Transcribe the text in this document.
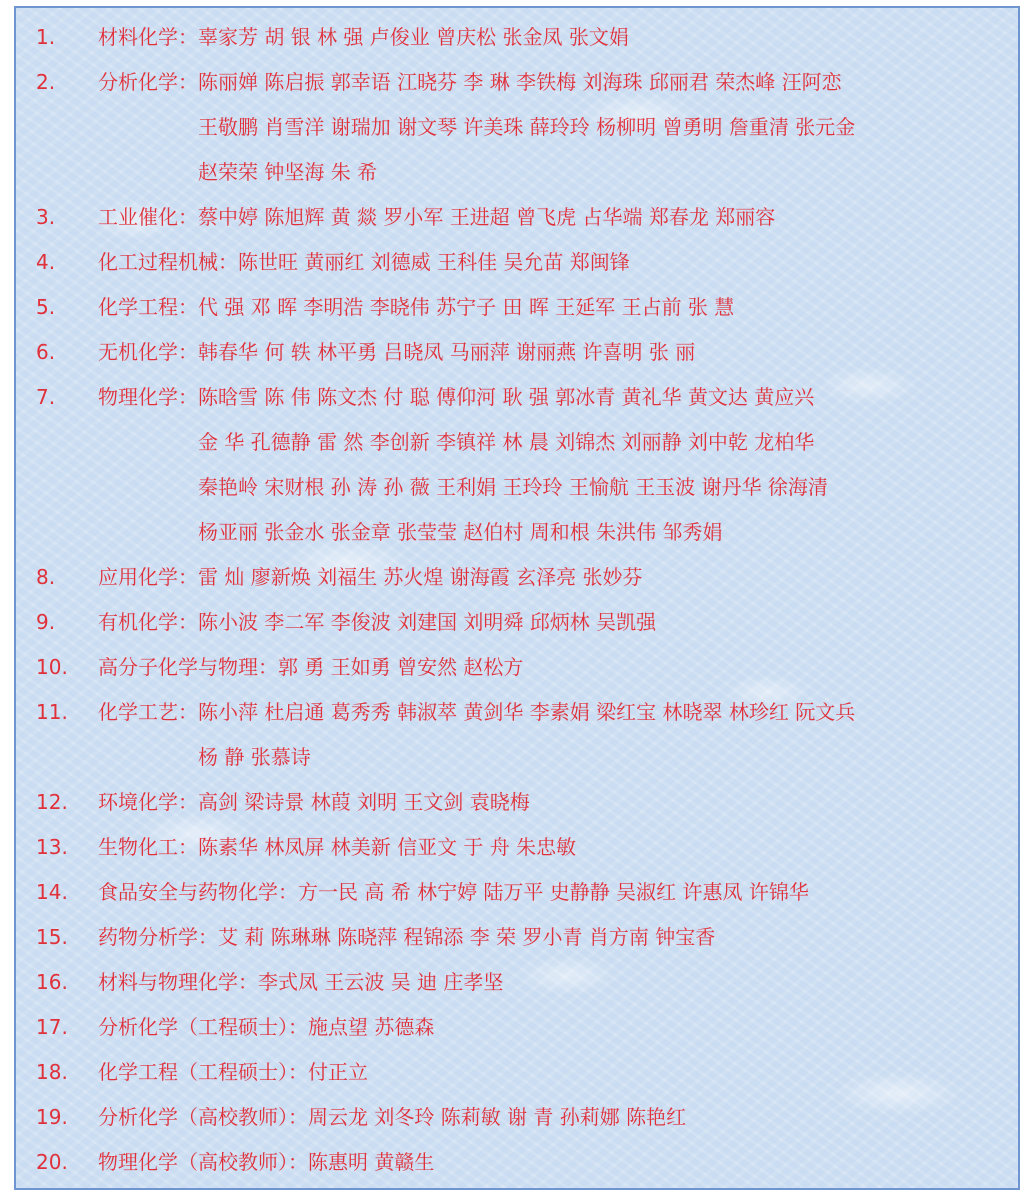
1.	材料化学： 辜家芳 胡 银 林 强 卢俊业 曾庆松 张金凤 张文娟
2.	分析化学： 陈丽婵 陈启振 郭幸语 江晓芬 李 琳 李铁梅 刘海珠 邱丽君 荣杰峰 汪阿恋
王敬鹏 肖雪洋 谢瑞加 谢文琴 许美珠 薛玲玲 杨柳明 曾勇明 詹重清 张元金
赵荣荣 钟坚海 朱 希
3.	工业催化： 蔡中婷 陈旭辉 黄 燚 罗小军 王进超 曾飞虎 占华端 郑春龙 郑丽容
4.	化工过程机械： 陈世旺 黄丽红 刘德威 王科佳 吴允苗 郑闽锋
5.	化学工程： 代 强 邓 晖 李明浩 李晓伟 苏宁子 田 晖 王延军 王占前 张 慧
6.	无机化学： 韩春华 何 轶 林平勇 吕晓凤 马丽萍 谢丽燕 许喜明 张 丽
7.	物理化学： 陈晗雪 陈 伟 陈文杰 付 聪 傅仰河 耿 强 郭冰青 黄礼华 黄文达 黄应兴
金 华 孔德静 雷 然 李创新 李镇祥 林 晨 刘锦杰 刘丽静 刘中乾 龙柏华
秦艳岭 宋财根 孙 涛 孙 薇 王利娟 王玲玲 王愉航 王玉波 谢丹华 徐海清
杨亚丽 张金水 张金章 张莹莹 赵伯村 周和根 朱洪伟 邹秀娟
8.	应用化学： 雷 灿 廖新焕 刘福生 苏火煌 谢海霞 玄泽亮 张妙芬
9.	有机化学： 陈小波 李二军 李俊波 刘建国 刘明舜 邱炳林 吴凯强
10.	高分子化学与物理： 郭 勇 王如勇 曾安然 赵松方
11.	化学工艺： 陈小萍 杜启通 葛秀秀 韩淑萃 黄剑华 李素娟 梁红宝 林晓翠 林珍红 阮文兵
杨 静 张慕诗
12.	环境化学： 高剑 梁诗景 林葭 刘明 王文剑 袁晓梅
13.	生物化工： 陈素华 林凤屏 林美新 信亚文 于 舟 朱忠敏
14.	食品安全与药物化学： 方一民 高 希 林宁婷 陆万平 史静静 吴淑红 许惠凤 许锦华
15.	药物分析学： 艾 莉 陈琳琳 陈晓萍 程锦添 李 荣 罗小青 肖方南 钟宝香
16.	材料与物理化学： 李式凤 王云波 吴 迪 庄孝坚
17.	分析化学（工程硕士）： 施点望 苏德森
18.	化学工程（工程硕士）： 付正立
19.	分析化学（高校教师）： 周云龙 刘冬玲 陈莉敏 谢 青 孙莉娜 陈艳红
20.	物理化学（高校教师）： 陈惠明 黄赣生
